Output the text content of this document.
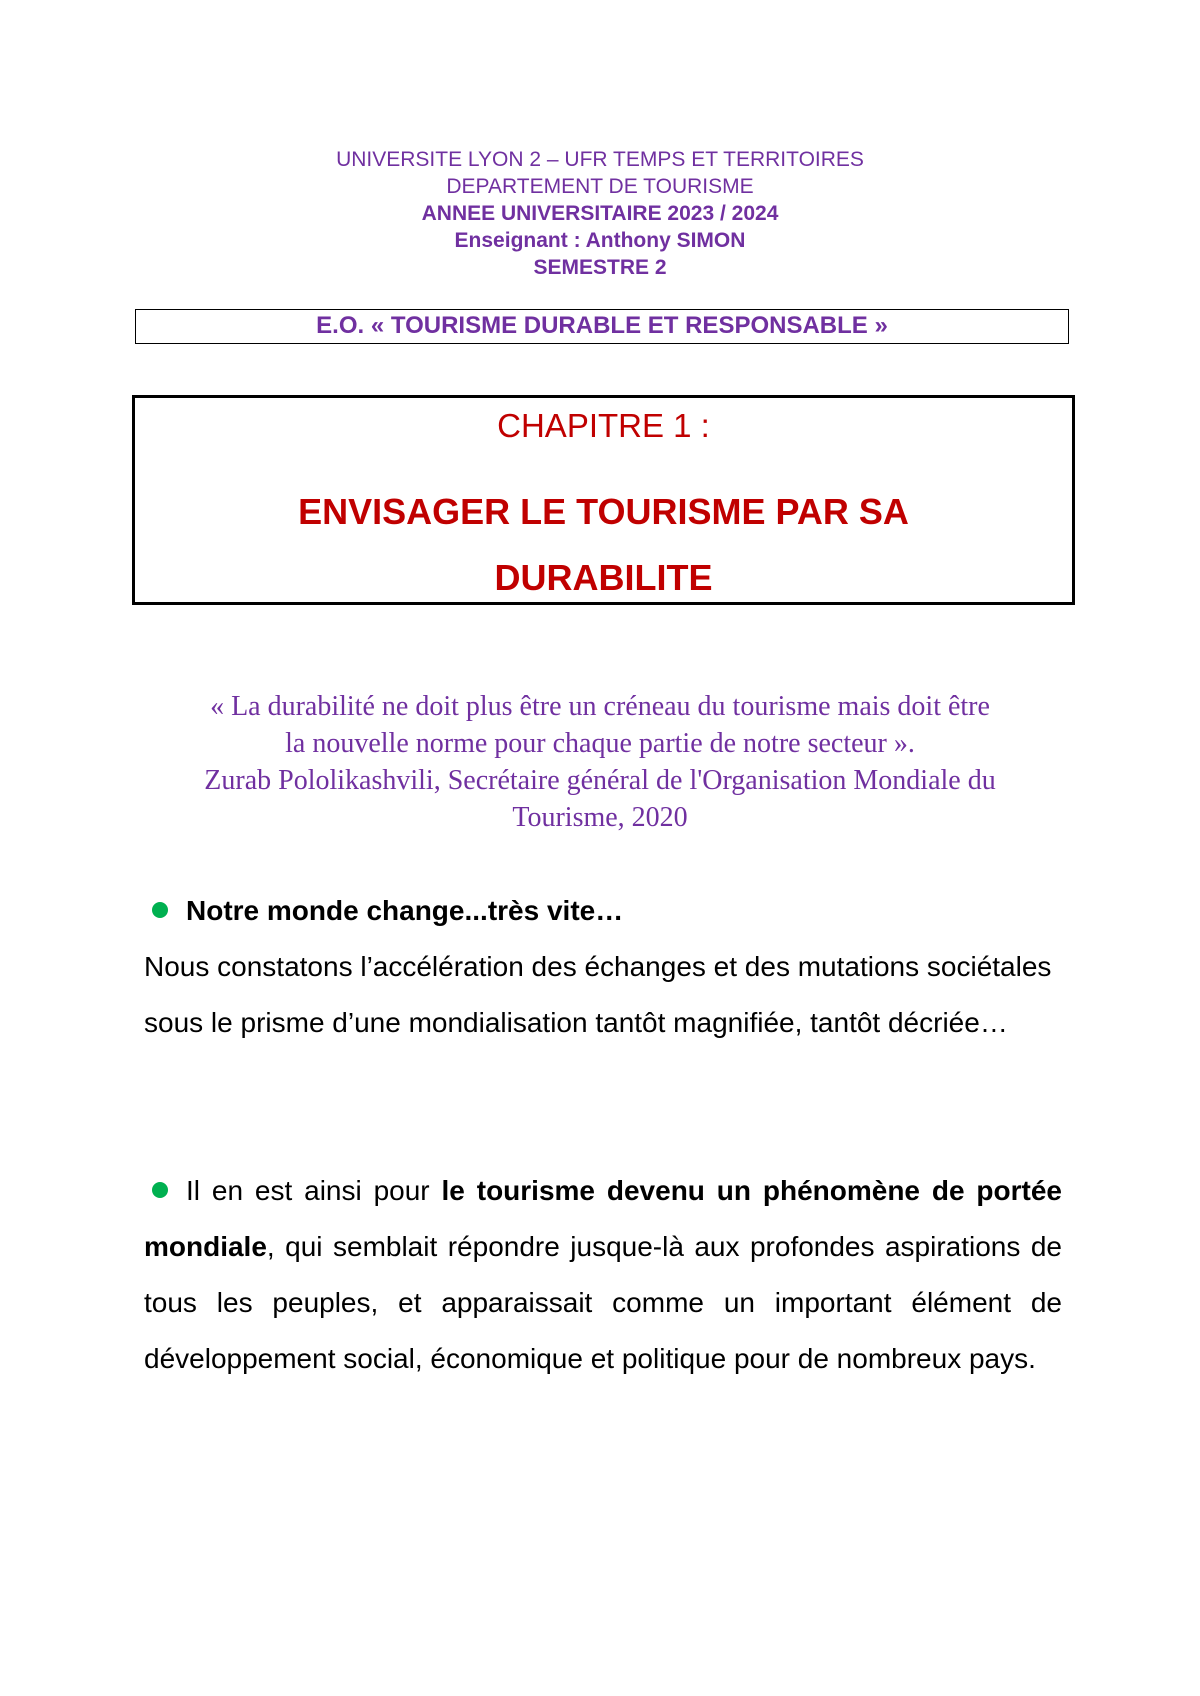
UNIVERSITE LYON 2 – UFR TEMPS ET TERRITOIRES
DEPARTEMENT DE TOURISME
ANNEE UNIVERSITAIRE 2023 / 2024
Enseignant : Anthony SIMON
SEMESTRE 2
E.O. « TOURISME DURABLE ET RESPONSABLE »
CHAPITRE 1 :
ENVISAGER LE TOURISME PAR SA
DURABILITE
« La durabilité ne doit plus être un créneau du tourisme mais doit être
la nouvelle norme pour chaque partie de notre secteur ».
Zurab Pololikashvili, Secrétaire général de l'Organisation Mondiale du
Tourisme, 2020
Notre monde change...très vite…
Nous constatons l’accélération des échanges et des mutations sociétales sous le prisme d’une mondialisation tantôt magnifiée, tantôt décriée…
Il en est ainsi pour le tourisme devenu un phénomène de portée mondiale, qui semblait répondre jusque-là aux profondes aspirations de tous les peuples, et apparaissait comme un important élément de développement social, économique et politique pour de nombreux pays.
